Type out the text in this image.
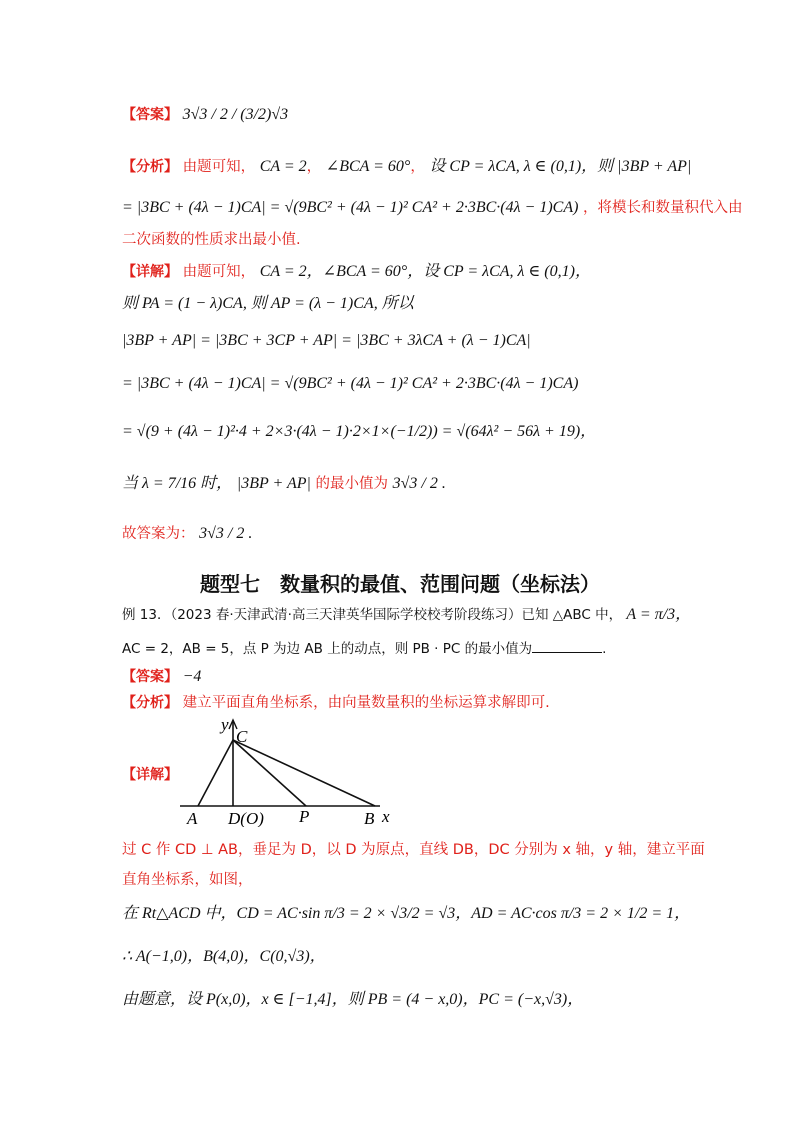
【答案】 3√3 / 2 / (3/2)√3
【分析】 由题可知， CA = 2， ∠BCA = 60°， 设 CP = λCA, λ ∈ (0,1)，则 |3BP + AP|
= |3BC + (4λ − 1)CA| = √(9BC² + (4λ − 1)² CA² + 2·3BC·(4λ − 1)CA) ，将模长和数量积代入由
二次函数的性质求出最小值.
【详解】 由题可知， CA = 2，∠BCA = 60°，设 CP = λCA, λ ∈ (0,1)，
则 PA = (1 − λ)CA, 则 AP = (λ − 1)CA, 所以
|3BP + AP| = |3BC + 3CP + AP| = |3BC + 3λCA + (λ − 1)CA|
= |3BC + (4λ − 1)CA| = √(9BC² + (4λ − 1)² CA² + 2·3BC·(4λ − 1)CA)
= √(9 + (4λ − 1)²·4 + 2×3·(4λ − 1)·2×1×(−1/2)) = √(64λ² − 56λ + 19)，
当 λ = 7/16 时， |3BP + AP| 的最小值为 3√3 / 2 .
故答案为： 3√3 / 2 .
题型七　数量积的最值、范围问题（坐标法）
例 13．（2023 春·天津武清·高三天津英华国际学校校考阶段练习）已知 △ABC 中， A = π/3，
AC = 2，AB = 5，点 P 为边 AB 上的动点，则 PB · PC 的最小值为	.
【答案】 −4
【分析】 建立平面直角坐标系，由向量数量积的坐标运算求解即可.
【详解】
y
C
A D(O) P	B x
过 C 作 CD ⊥ AB，垂足为 D，以 D 为原点，直线 DB，DC 分别为 x 轴，y 轴，建立平面
直角坐标系，如图，
在 Rt△ACD 中，CD = AC·sin π/3 = 2 × √3/2 = √3，AD = AC·cos π/3 = 2 × 1/2 = 1，
∴ A(−1,0)，B(4,0)，C(0,√3)，
由题意，设 P(x,0)，x ∈ [−1,4]，则 PB = (4 − x,0)，PC = (−x,√3)，
